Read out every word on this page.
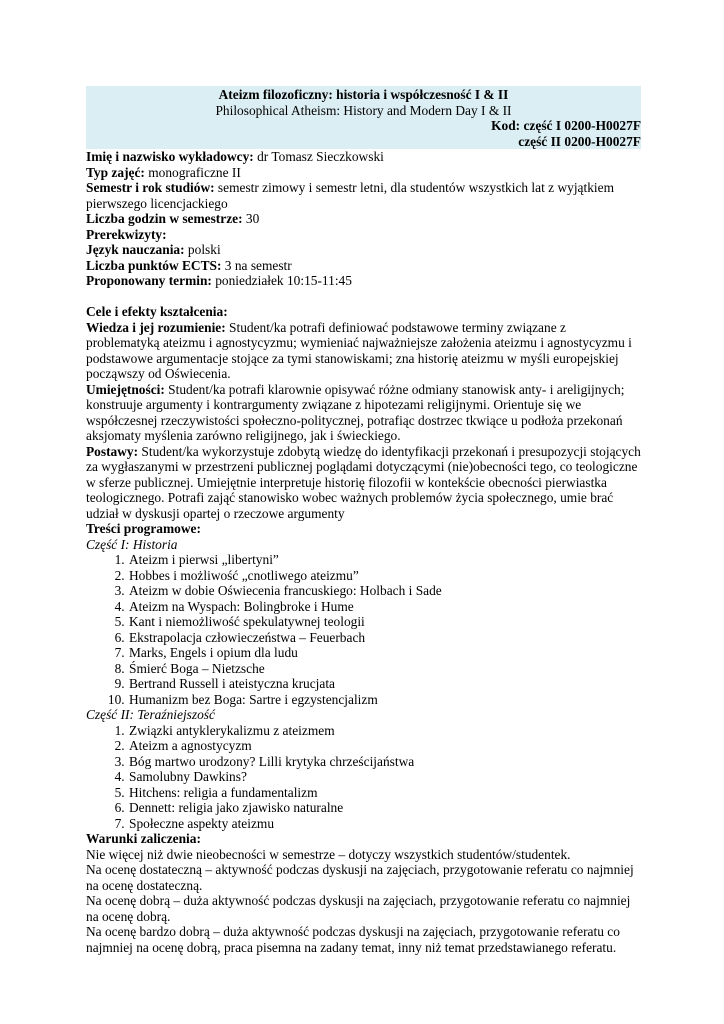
Ateizm filozoficzny: historia i współczesność I & II

Philosophical Atheism: History and Modern Day I & II

Kod: część I 0200-H0027F

część II 0200-H0027F

Imię i nazwisko wykładowcy: dr Tomasz Sieczkowski

Typ zajęć: monograficzne II

Semestr i rok studiów: semestr zimowy i semestr letni, dla studentów wszystkich lat z wyjątkiem pierwszego licencjackiego

Liczba godzin w semestrze: 30

Prerekwizyty:

Język nauczania: polski

Liczba punktów ECTS: 3 na semestr

Proponowany termin: poniedziałek 10:15-11:45

Cele i efekty kształcenia:

Wiedza i jej rozumienie: Student/ka potrafi definiować podstawowe terminy związane z problematyką ateizmu i agnostycyzmu; wymieniać najważniejsze założenia ateizmu i agnostycyzmu i podstawowe argumentacje stojące za tymi stanowiskami; zna historię ateizmu w myśli europejskiej począwszy od Oświecenia.

Umiejętności: Student/ka potrafi klarownie opisywać różne odmiany stanowisk anty- i areligijnych; konstruuje argumenty i kontrargumenty związane z hipotezami religijnymi. Orientuje się we współczesnej rzeczywistości społeczno-politycznej, potrafiąc dostrzec tkwiące u podłoża przekonań aksjomaty myślenia zarówno religijnego, jak i świeckiego.

Postawy: Student/ka wykorzystuje zdobytą wiedzę do identyfikacji przekonań i presupozycji stojących za wygłaszanymi w przestrzeni publicznej poglądami dotyczącymi (nie)obecności tego, co teologiczne w sferze publicznej. Umiejętnie interpretuje historię filozofii w kontekście obecności pierwiastka teologicznego. Potrafi zająć stanowisko wobec ważnych problemów życia społecznego, umie brać udział w dyskusji opartej o rzeczowe argumenty

Treści programowe:

Część I: Historia

1. Ateizm i pierwsi „libertyni”
2. Hobbes i możliwość „cnotliwego ateizmu”
3. Ateizm w dobie Oświecenia francuskiego: Holbach i Sade
4. Ateizm na Wyspach: Bolingbroke i Hume
5. Kant i niemożliwość spekulatywnej teologii
6. Ekstrapolacja człowieczeństwa – Feuerbach
7. Marks, Engels i opium dla ludu
8. Śmierć Boga – Nietzsche
9. Bertrand Russell i ateistyczna krucjata
10. Humanizm bez Boga: Sartre i egzystencjalizm

Część II: Teraźniejszość

1. Związki antyklerykalizmu z ateizmem
2. Ateizm a agnostycyzm
3. Bóg martwo urodzony? Lilli krytyka chrześcijaństwa
4. Samolubny Dawkins?
5. Hitchens: religia a fundamentalizm
6. Dennett: religia jako zjawisko naturalne
7. Społeczne aspekty ateizmu

Warunki zaliczenia:

Nie więcej niż dwie nieobecności w semestrze – dotyczy wszystkich studentów/studentek.

Na ocenę dostateczną – aktywność podczas dyskusji na zajęciach, przygotowanie referatu co najmniej na ocenę dostateczną.

Na ocenę dobrą – duża aktywność podczas dyskusji na zajęciach, przygotowanie referatu co najmniej na ocenę dobrą.

Na ocenę bardzo dobrą – duża aktywność podczas dyskusji na zajęciach, przygotowanie referatu co najmniej na ocenę dobrą, praca pisemna na zadany temat, inny niż temat przedstawianego referatu.
